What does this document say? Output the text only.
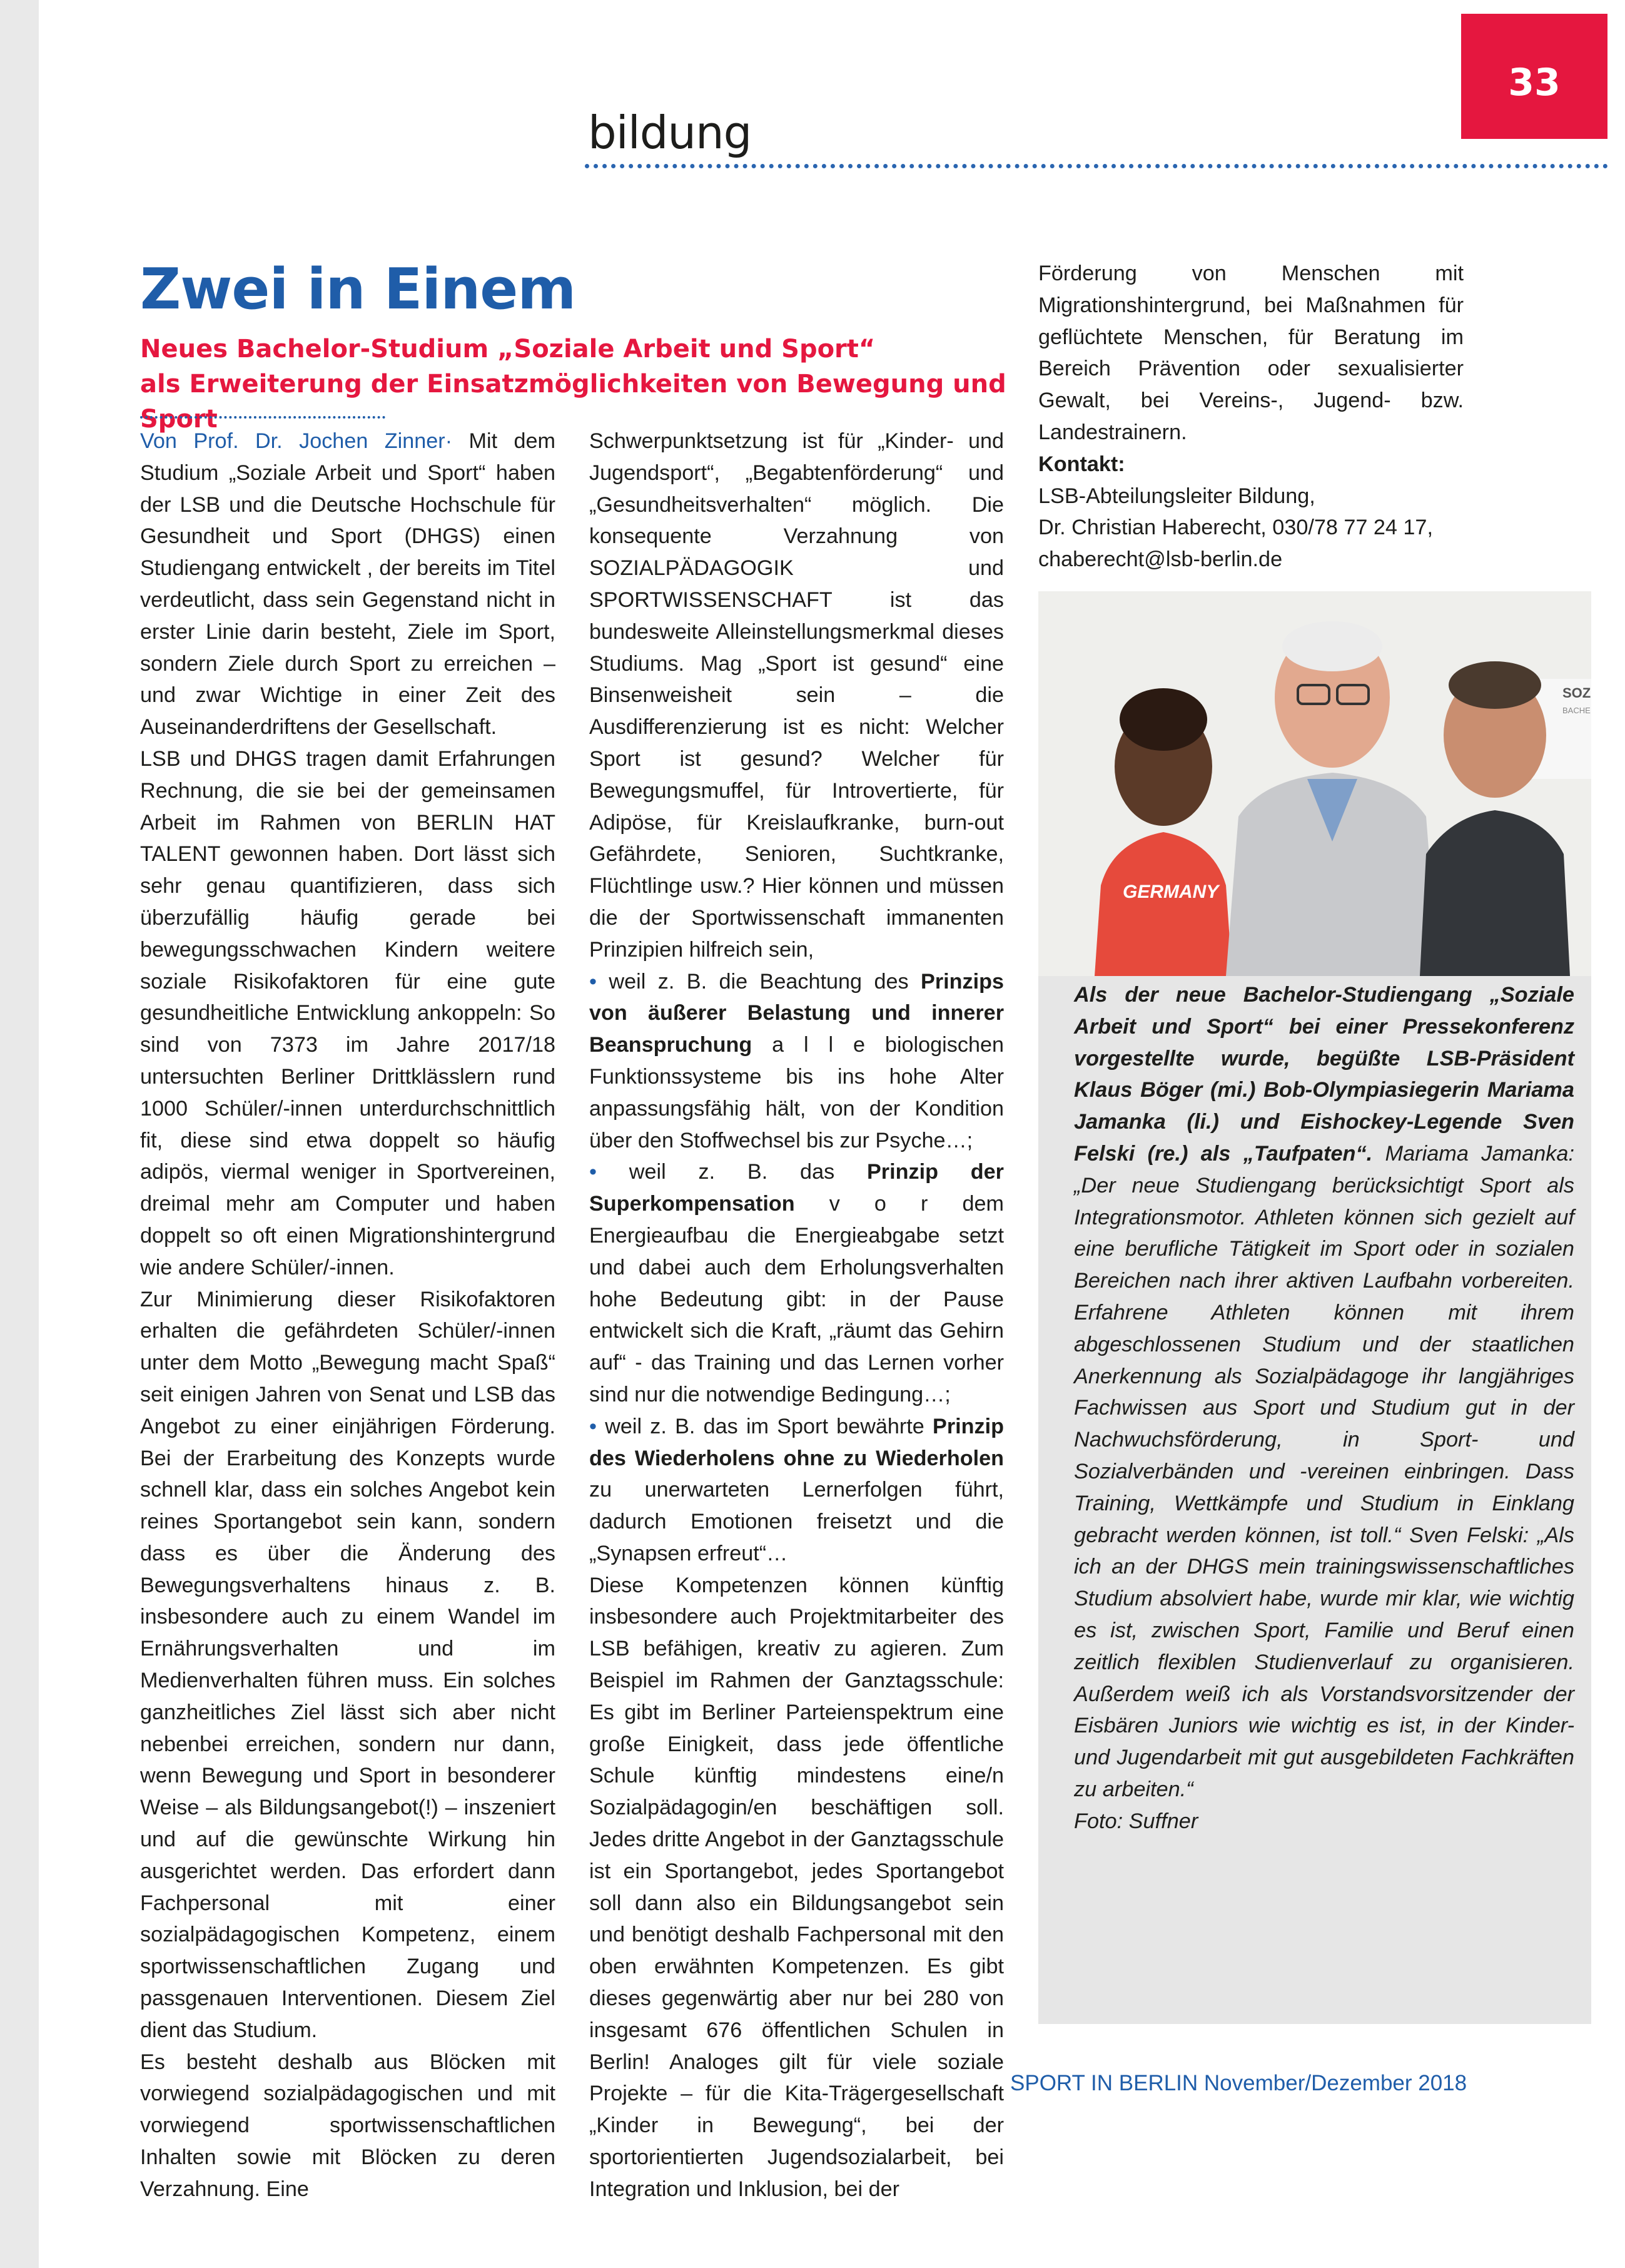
33
bildung
Zwei in Einem
Neues Bachelor-Studium „Soziale Arbeit und Sport“
als Erweiterung der Einsatzmöglichkeiten von Bewegung und Sport

Von Prof. Dr. Jochen Zinner· Mit dem Studium „Soziale Arbeit und Sport“ haben der LSB und die Deutsche Hochschule für Gesundheit und Sport (DHGS) einen Studiengang entwickelt , der bereits im Titel verdeutlicht, dass sein Gegenstand nicht in erster Linie darin besteht, Ziele im Sport, sondern Ziele durch Sport zu erreichen – und zwar Wichtige in einer Zeit des Auseinanderdriftens der Gesellschaft.

LSB und DHGS tragen damit Erfahrungen Rechnung, die sie bei der gemeinsamen Arbeit im Rahmen von BERLIN HAT TALENT gewonnen haben. Dort lässt sich sehr genau quantifizieren, dass sich überzufällig häufig gerade bei bewegungsschwachen Kindern weitere soziale Risikofaktoren für eine gute gesundheitliche Entwicklung ankoppeln: So sind von 7373 im Jahre 2017/18 untersuchten Berliner Drittklässlern rund 1000 Schüler/-innen unterdurchschnittlich fit, diese sind etwa doppelt so häufig adipös, viermal weniger in Sportvereinen, dreimal mehr am Computer und haben doppelt so oft einen Migrationshintergrund wie andere Schüler/-innen.

Zur Minimierung dieser Risikofaktoren erhalten die gefährdeten Schüler/-innen unter dem Motto „Bewegung macht Spaß“ seit einigen Jahren von Senat und LSB das Angebot zu einer einjährigen Förderung. Bei der Erarbeitung des Konzepts wurde schnell klar, dass ein solches Angebot kein reines Sportangebot sein kann, sondern dass es über die Änderung des Bewegungsverhaltens hinaus z. B. insbesondere auch zu einem Wandel im Ernährungsverhalten und im Medienverhalten führen muss. Ein solches ganzheitliches Ziel lässt sich aber nicht nebenbei erreichen, sondern nur dann, wenn Bewegung und Sport in besonderer Weise – als Bildungsangebot(!) – inszeniert und auf die gewünschte Wirkung hin ausgerichtet werden. Das erfordert dann Fachpersonal mit einer sozialpädagogischen Kompetenz, einem sportwissenschaftlichen Zugang und passgenauen Interventionen. Diesem Ziel dient das Studium.

Es besteht deshalb aus Blöcken mit vorwiegend sozialpädagogischen und mit vorwiegend sportwissenschaftlichen Inhalten sowie mit Blöcken zu deren Verzahnung. Eine

Schwerpunktsetzung ist für „Kinder- und Jugendsport“, „Begabtenförderung“ und „Gesundheitsverhalten“ möglich. Die konsequente Verzahnung von SOZIALPÄDAGOGIK und SPORTWISSENSCHAFT ist das bundesweite Alleinstellungsmerkmal dieses Studiums. Mag „Sport ist gesund“ eine Binsenweisheit sein – die Ausdifferenzierung ist es nicht: Welcher Sport ist gesund? Welcher für Bewegungsmuffel, für Introvertierte, für Adipöse, für Kreislaufkranke, burn-out Gefährdete, Senioren, Suchtkranke, Flüchtlinge usw.? Hier können und müssen die der Sportwissenschaft immanenten Prinzipien hilfreich sein,

• weil z. B. die Beachtung des Prinzips von äußerer Belastung und innerer Beanspruchung a l l e biologischen Funktionssysteme bis ins hohe Alter anpassungsfähig hält, von der Kondition über den Stoffwechsel bis zur Psyche…;

• weil z. B. das Prinzip der Superkompensation v o r dem Energieaufbau die Energieabgabe setzt und dabei auch dem Erholungsverhalten hohe Bedeutung gibt: in der Pause entwickelt sich die Kraft, „räumt das Gehirn auf“ - das Training und das Lernen vorher sind nur die notwendige Bedingung…;

• weil z. B. das im Sport bewährte Prinzip des Wiederholens ohne zu Wiederholen zu unerwarteten Lernerfolgen führt, dadurch Emotionen freisetzt und die „Synapsen erfreut“…

Diese Kompetenzen können künftig insbesondere auch Projektmitarbeiter des LSB befähigen, kreativ zu agieren. Zum Beispiel im Rahmen der Ganztagsschule: Es gibt im Berliner Parteienspektrum eine große Einigkeit, dass jede öffentliche Schule künftig mindestens eine/n Sozialpädagogin/en beschäftigen soll. Jedes dritte Angebot in der Ganztagsschule ist ein Sportangebot, jedes Sportangebot soll dann also ein Bildungsangebot sein und benötigt deshalb Fachpersonal mit den oben erwähnten Kompetenzen. Es gibt dieses gegenwärtig aber nur bei 280 von insgesamt 676 öffentlichen Schulen in Berlin! Analoges gilt für viele soziale Projekte – für die Kita-Trägergesellschaft „Kinder in Bewegung“, bei der sportorientierten Jugendsozialarbeit, bei Integration und Inklusion, bei der

Förderung von Menschen mit Migrationshintergrund, bei Maßnahmen für geflüchtete Menschen, für Beratung im Bereich Prävention oder sexualisierter Gewalt, bei Vereins-, Jugend- bzw. Landestrainern.

Kontakt:

LSB-Abteilungsleiter Bildung,

Dr. Christian Haberecht, 030/78 77 24 17,

chaberecht@lsb-berlin.de

SOZ
BACHE
GERMANY

Als der neue Bachelor-Studiengang „Soziale Arbeit und Sport“ bei einer Pressekonferenz vorgestellte wurde, begüßte LSB-Präsident Klaus Böger (mi.) Bob-Olympiasiegerin Mariama Jamanka (li.) und Eishockey-Legende Sven Felski (re.) als „Taufpaten“. Mariama Jamanka: „Der neue Studiengang berücksichtigt Sport als Integrationsmotor. Athleten können sich gezielt auf eine berufliche Tätigkeit im Sport oder in sozialen Bereichen nach ihrer aktiven Laufbahn vorbereiten. Erfahrene Athleten können mit ihrem abgeschlossenen Studium und der staatlichen Anerkennung als Sozialpädagoge ihr langjähriges Fachwissen aus Sport und Studium gut in der Nachwuchsförderung, in Sport- und Sozialverbänden und -vereinen einbringen. Dass Training, Wettkämpfe und Studium in Einklang gebracht werden können, ist toll.“ Sven Felski: „Als ich an der DHGS mein trainingswissenschaftliches Studium absolviert habe, wurde mir klar, wie wichtig es ist, zwischen Sport, Familie und Beruf einen zeitlich flexiblen Studienverlauf zu organisieren. Außerdem weiß ich als Vorstandsvorsitzender der Eisbären Juniors wie wichtig es ist, in der Kinder- und Jugendarbeit mit gut ausgebildeten Fachkräften zu arbeiten.“

Foto: Suffner

SPORT IN BERLIN November/Dezember 2018
